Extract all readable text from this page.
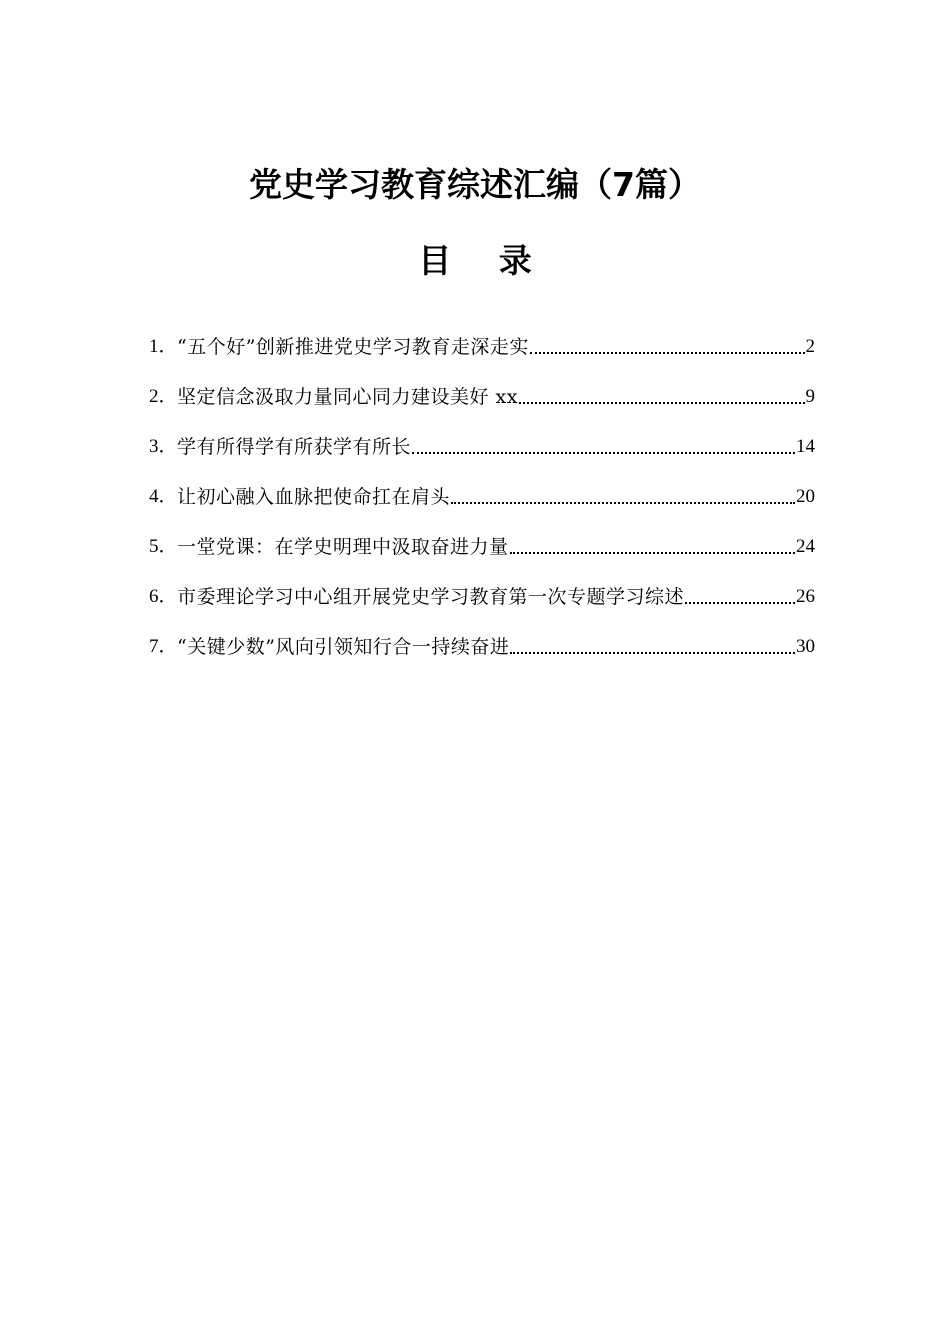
党史学习教育综述汇编（7篇）
目 录
1． “五个好”创新推进党史学习教育走深走实	2
2． 坚定信念汲取力量同心同力建设美好 xx	9
3． 学有所得学有所获学有所长	14
4． 让初心融入血脉把使命扛在肩头	20
5． 一堂党课：在学史明理中汲取奋进力量	24
6． 市委理论学习中心组开展党史学习教育第一次专题学习综述	26
7． “关键少数”风向引领知行合一持续奋进	30
